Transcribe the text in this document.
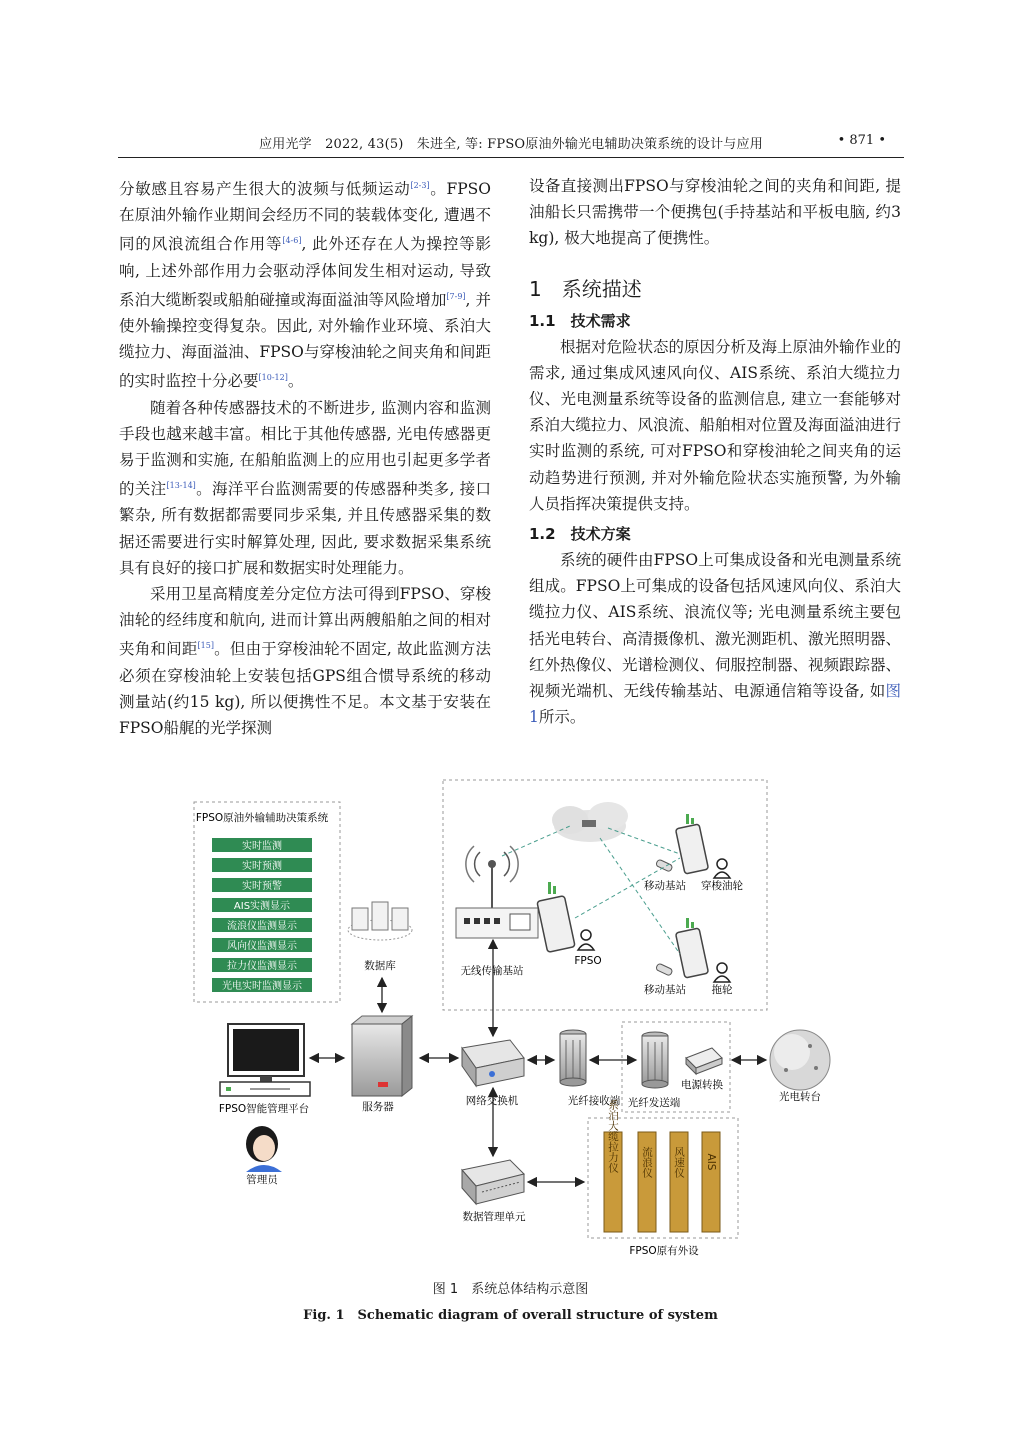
应用光学　2022, 43(5)　朱进全, 等: FPSO原油外输光电辅助决策系统的设计与应用	• 871 •

分敏感且容易产生很大的波频与低频运动[2-3]。FPSO在原油外输作业期间会经历不同的装载体变化, 遭遇不同的风浪流组合作用等[4-6], 此外还存在人为操控等影响, 上述外部作用力会驱动浮体间发生相对运动, 导致系泊大缆断裂或船舶碰撞或海面溢油等风险增加[7-9], 并使外输操控变得复杂。因此, 对外输作业环境、系泊大缆拉力、海面溢油、FPSO与穿梭油轮之间夹角和间距的实时监控十分必要[10-12]。

随着各种传感器技术的不断进步, 监测内容和监测手段也越来越丰富。相比于其他传感器, 光电传感器更易于监测和实施, 在船舶监测上的应用也引起更多学者的关注[13-14]。海洋平台监测需要的传感器种类多, 接口繁杂, 所有数据都需要同步采集, 并且传感器采集的数据还需要进行实时解算处理, 因此, 要求数据采集系统具有良好的接口扩展和数据实时处理能力。

采用卫星高精度差分定位方法可得到FPSO、穿梭油轮的经纬度和航向, 进而计算出两艘船舶之间的相对夹角和间距[15]。但由于穿梭油轮不固定, 故此监测方法必须在穿梭油轮上安装包括GPS组合惯导系统的移动测量站(约15 kg), 所以便携性不足。本文基于安装在FPSO船艉的光学探测

设备直接测出FPSO与穿梭油轮之间的夹角和间距, 提油船长只需携带一个便携包(手持基站和平板电脑, 约3 kg), 极大地提高了便携性。

1　系统描述

1.1　技术需求

根据对危险状态的原因分析及海上原油外输作业的需求, 通过集成风速风向仪、AIS系统、系泊大缆拉力仪、光电测量系统等设备的监测信息, 建立一套能够对系泊大缆拉力、风浪流、船舶相对位置及海面溢油进行实时监测的系统, 可对FPSO和穿梭油轮之间夹角的运动趋势进行预测, 并对外输危险状态实施预警, 为外输人员指挥决策提供支持。

1.2　技术方案

系统的硬件由FPSO上可集成设备和光电测量系统组成。FPSO上可集成的设备包括风速风向仪、系泊大缆拉力仪、AIS系统、浪流仪等; 光电测量系统主要包括光电转台、高清摄像机、激光测距机、激光照明器、红外热像仪、光谱检测仪、伺服控制器、视频跟踪器、视频光端机、无线传输基站、电源通信箱等设备, 如图1所示。

FPSO原油外输辅助决策系统
实时监测
实时预测
实时预警
AIS实测显示
流浪仪监测显示
风向仪监测显示
拉力仪监测显示
光电实时监测显示
数据库	无线传输基站
FPSO
移动基站 穿梭油轮
移动基站 拖轮
FPSO智能管理平台
管理员
服务器	网络交换机	光纤接收端 光纤发送端
电源转换
光电转台
数据管理单元
系泊大缆拉力仪 流浪仪 风速仪 AIS
FPSO原有外设
图 1　系统总体结构示意图
Fig. 1　Schematic diagram of overall structure of system
